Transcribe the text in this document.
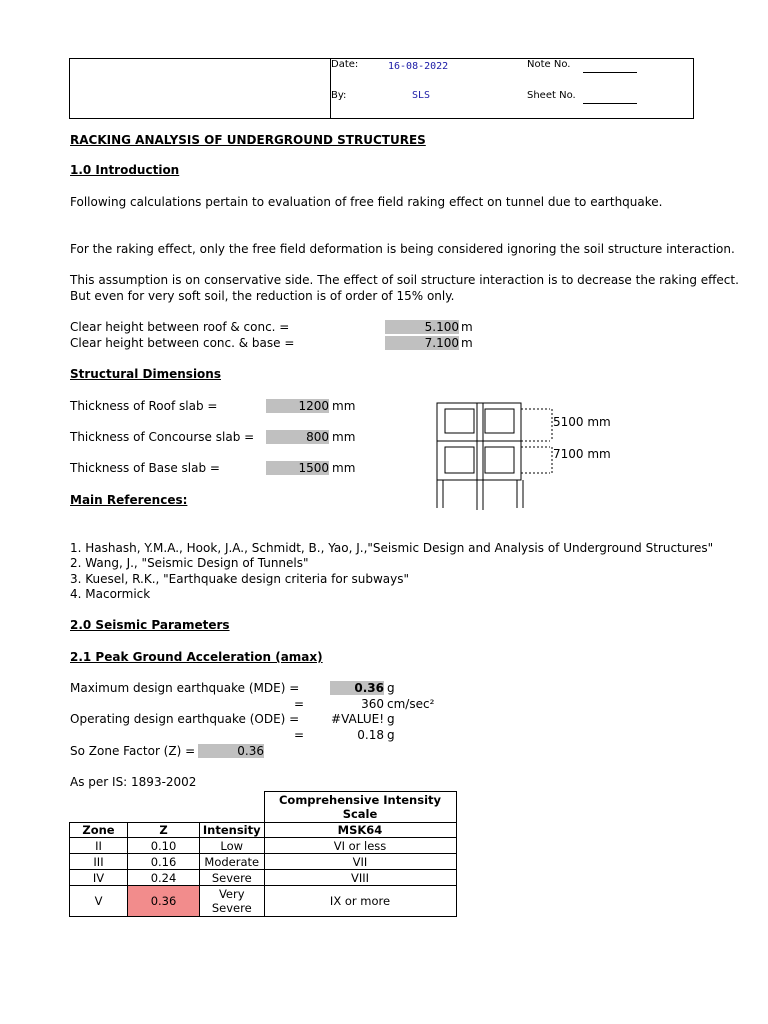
Date:	16-08-2022	Note No.
By:	SLS	Sheet No.
RACKING ANALYSIS OF UNDERGROUND STRUCTURES
1.0 Introduction
Following calculations pertain to evaluation of free field raking effect on tunnel due to earthquake.
For the raking effect, only the free field deformation is being considered ignoring the soil structure interaction.
This assumption is on conservative side. The effect of soil structure interaction is to decrease the raking effect.
But even for very soft soil, the reduction is of order of 15% only.
Clear height between roof & conc. =	5.100 m
Clear height between conc. & base =	7.100 m
Structural Dimensions
Thickness of Roof slab =	1200 mm
Thickness of Concourse slab =	800 mm
Thickness of Base slab =	1500 mm
5100 mm
7100 mm
Main References:
1. Hashash, Y.M.A., Hook, J.A., Schmidt, B., Yao, J.,"Seismic Design and Analysis of Underground Structures"
2. Wang, J., "Seismic Design of Tunnels"
3. Kuesel, R.K., "Earthquake design criteria for subways"
4. Macormick
2.0 Seismic Parameters
2.1 Peak Ground Acceleration (amax)
Maximum design earthquake (MDE) =	0.36 g
=	360 cm/sec²
Operating design earthquake (ODE) =	#VALUE! g
=	0.18 g
So Zone Factor (Z) =	0.36
As per IS: 1893-2002
			Comprehensive Intensity Scale
Zone	Z	Intensity	MSK64
II	0.10	Low	VI or less
III	0.16	Moderate	VII
IV	0.24	Severe	VIII
V	0.36	Very Severe	IX or more
